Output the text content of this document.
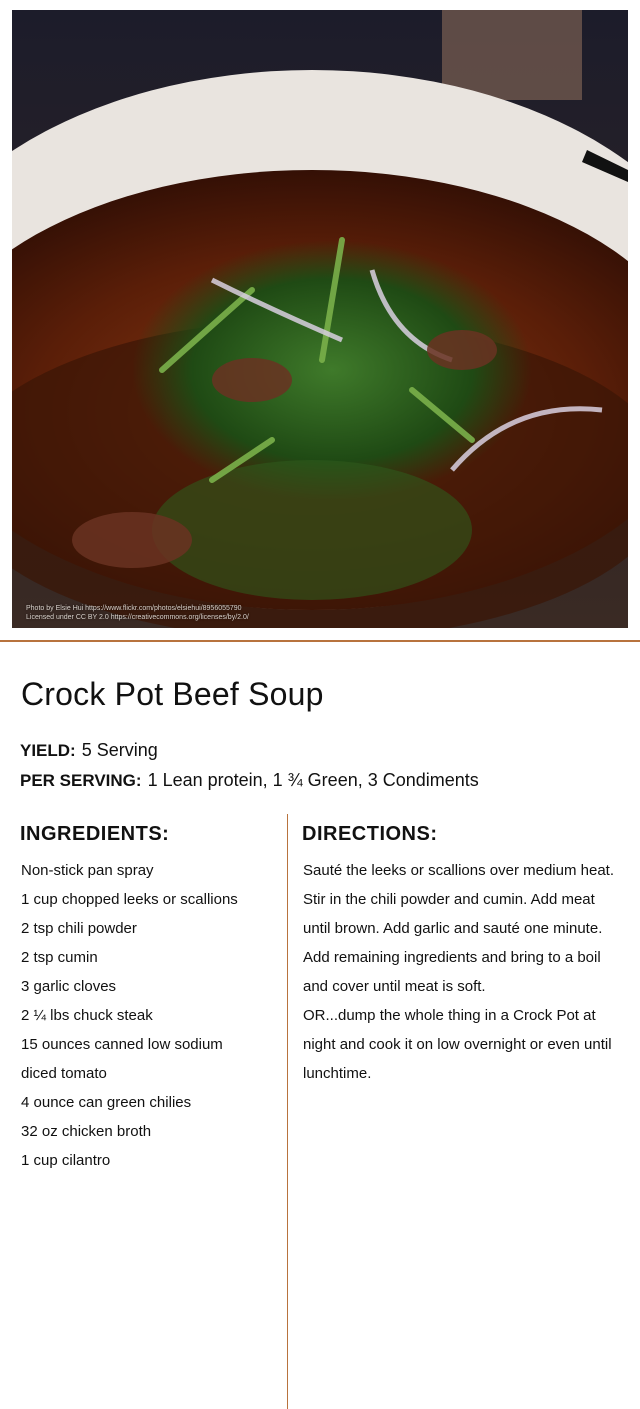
Photo by Elsie Hui https://www.flickr.com/photos/elsiehui/8956055790
Licensed under CC BY 2.0 https://creativecommons.org/licenses/by/2.0/
Crock Pot Beef Soup
YIELD: 5 Serving
PER SERVING: 1 Lean protein, 1 ¾ Green, 3 Condiments
INGREDIENTS:	DIRECTIONS:
Non-stick pan spray
1 cup chopped leeks or scallions
2 tsp chili powder
2 tsp cumin
3 garlic cloves
2 ¼ lbs chuck steak
15 ounces canned low sodium
diced tomato
4 ounce can green chilies
32 oz chicken broth
1 cup cilantro

Sauté the leeks or scallions over medium heat. Stir in the chili powder and cumin. Add meat until brown. Add garlic and sauté one minute. Add remaining ingredients and bring to a boil and cover until meat is soft.

OR...dump the whole thing in a Crock Pot at night and cook it on low overnight or even until lunchtime.
